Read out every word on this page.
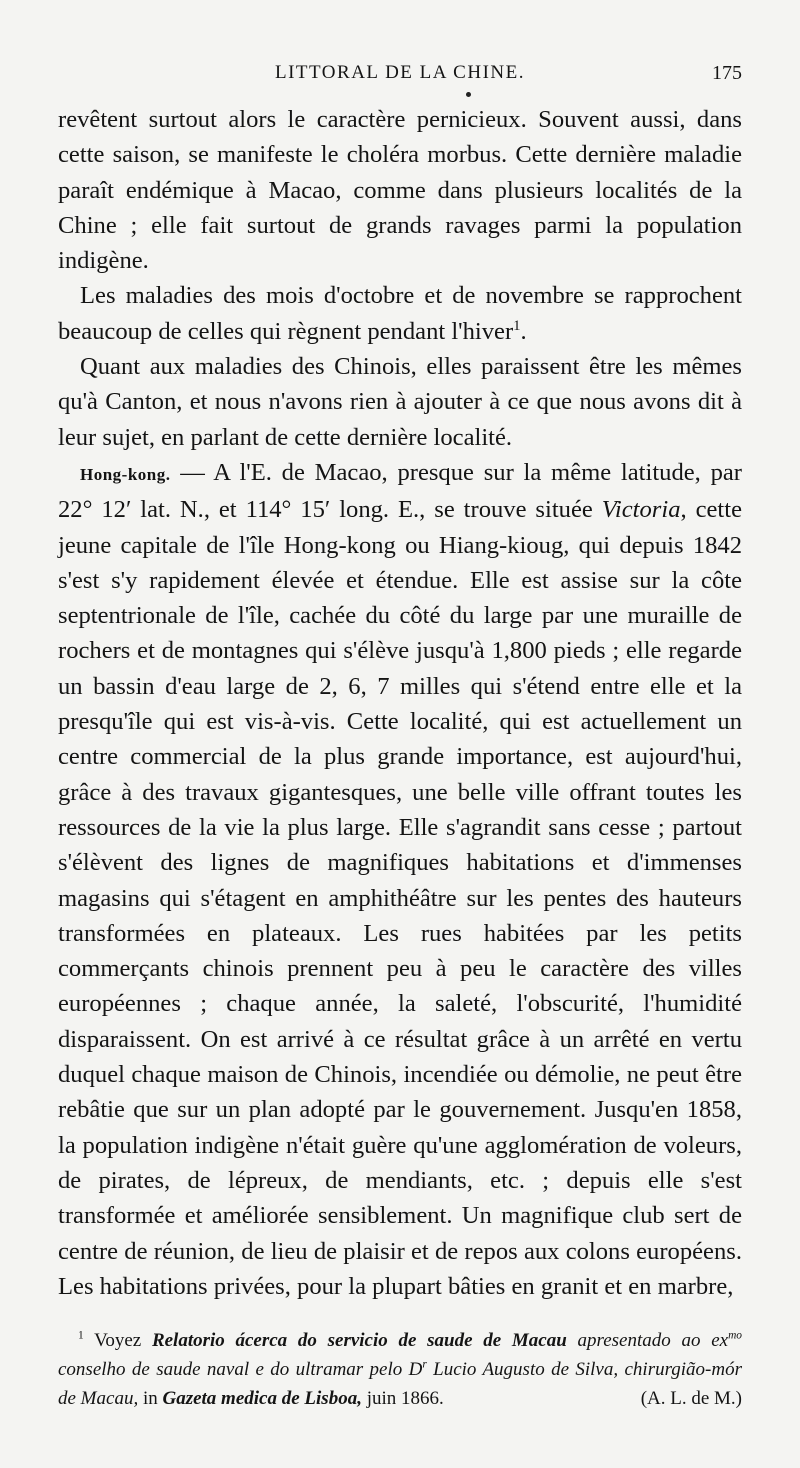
LITTORAL DE LA CHINE.	175

revêtent surtout alors le caractère pernicieux. Souvent aussi, dans cette saison, se manifeste le choléra morbus. Cette dernière maladie paraît endémique à Macao, comme dans plusieurs localités de la Chine ; elle fait surtout de grands ravages parmi la population indigène.

Les maladies des mois d'octobre et de novembre se rapprochent beaucoup de celles qui règnent pendant l'hiver$^1$.

Quant aux maladies des Chinois, elles paraissent être les mêmes qu'à Canton, et nous n'avons rien à ajouter à ce que nous avons dit à leur sujet, en parlant de cette dernière localité.

Hong-kong. — A l'E. de Macao, presque sur la même latitude, par 22° 12′ lat. N., et 114° 15′ long. E., se trouve située Victoria, cette jeune capitale de l'île Hong-kong ou Hiang-kioug, qui depuis 1842 s'est s'y rapidement élevée et étendue. Elle est assise sur la côte septentrionale de l'île, cachée du côté du large par une muraille de rochers et de montagnes qui s'élève jusqu'à 1,800 pieds ; elle regarde un bassin d'eau large de 2, 6, 7 milles qui s'étend entre elle et la presqu'île qui est vis-à-vis. Cette localité, qui est actuellement un centre commercial de la plus grande importance, est aujourd'hui, grâce à des travaux gigantesques, une belle ville offrant toutes les ressources de la vie la plus large. Elle s'agrandit sans cesse ; partout s'élèvent des lignes de magnifiques habitations et d'immenses magasins qui s'étagent en amphithéâtre sur les pentes des hauteurs transformées en plateaux. Les rues habitées par les petits commerçants chinois prennent peu à peu le caractère des villes européennes ; chaque année, la saleté, l'obscurité, l'humidité disparaissent. On est arrivé à ce résultat grâce à un arrêté en vertu duquel chaque maison de Chinois, incendiée ou démolie, ne peut être rebâtie que sur un plan adopté par le gouvernement. Jusqu'en 1858, la population indigène n'était guère qu'une agglomération de voleurs, de pirates, de lépreux, de mendiants, etc. ; depuis elle s'est transformée et améliorée sensiblement. Un magnifique club sert de centre de réunion, de lieu de plaisir et de repos aux colons européens. Les habitations privées, pour la plupart bâties en granit et en marbre,

$^1$ Voyez Relatorio ácerca do servicio de saude de Macau apresentado ao $ex^{mo}$ conselho de saude naval e do ultramar pelo $D^r$ Lucio Augusto de Silva, chirurgião-mór de Macau, in Gazeta medica de Lisboa, juin 1866.	(A. L. de M.)
